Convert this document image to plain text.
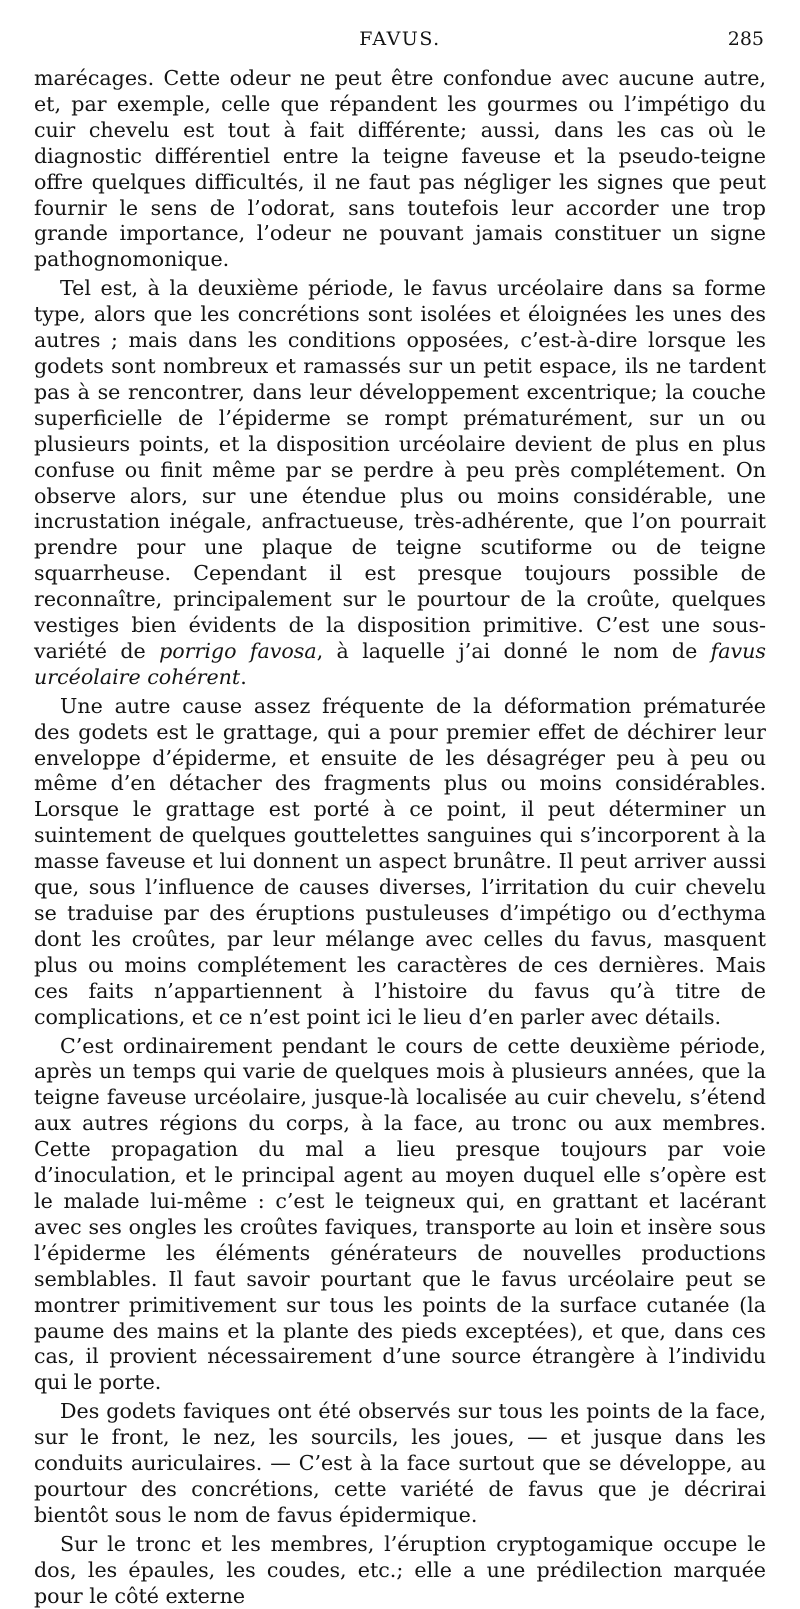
FAVUS.	285

marécages. Cette odeur ne peut être confondue avec aucune autre, et, par exemple, celle que répandent les gourmes ou l’impétigo du cuir chevelu est tout à fait différente; aussi, dans les cas où le diagnostic différentiel entre la teigne faveuse et la pseudo-teigne offre quelques difficultés, il ne faut pas négliger les signes que peut fournir le sens de l’odorat, sans toutefois leur accorder une trop grande importance, l’odeur ne pouvant jamais constituer un signe pathognomonique.

Tel est, à la deuxième période, le favus urcéolaire dans sa forme type, alors que les concrétions sont isolées et éloignées les unes des autres ; mais dans les conditions opposées, c’est-à-dire lorsque les godets sont nombreux et ramassés sur un petit espace, ils ne tardent pas à se rencontrer, dans leur développement excentrique; la couche superficielle de l’épiderme se rompt prématurément, sur un ou plusieurs points, et la disposition urcéolaire devient de plus en plus confuse ou finit même par se perdre à peu près complétement. On observe alors, sur une étendue plus ou moins considérable, une incrustation inégale, anfractueuse, très-adhérente, que l’on pourrait prendre pour une plaque de teigne scutiforme ou de teigne squarrheuse. Cependant il est presque toujours possible de reconnaître, principalement sur le pourtour de la croûte, quelques vestiges bien évidents de la disposition primitive. C’est une sous-variété de porrigo favosa, à laquelle j’ai donné le nom de favus urcéolaire cohérent.

Une autre cause assez fréquente de la déformation prématurée des godets est le grattage, qui a pour premier effet de déchirer leur enveloppe d’épiderme, et ensuite de les désagréger peu à peu ou même d’en détacher des fragments plus ou moins considérables. Lorsque le grattage est porté à ce point, il peut déterminer un suintement de quelques gouttelettes sanguines qui s’incorporent à la masse faveuse et lui donnent un aspect brunâtre. Il peut arriver aussi que, sous l’influence de causes diverses, l’irritation du cuir chevelu se traduise par des éruptions pustuleuses d’impétigo ou d’ecthyma dont les croûtes, par leur mélange avec celles du favus, masquent plus ou moins complétement les caractères de ces dernières. Mais ces faits n’appartiennent à l’histoire du favus qu’à titre de complications, et ce n’est point ici le lieu d’en parler avec détails.

C’est ordinairement pendant le cours de cette deuxième période, après un temps qui varie de quelques mois à plusieurs années, que la teigne faveuse urcéolaire, jusque-là localisée au cuir chevelu, s’étend aux autres régions du corps, à la face, au tronc ou aux membres. Cette propagation du mal a lieu presque toujours par voie d’inoculation, et le principal agent au moyen duquel elle s’opère est le malade lui-même : c’est le teigneux qui, en grattant et lacérant avec ses ongles les croûtes faviques, transporte au loin et insère sous l’épiderme les éléments générateurs de nouvelles productions semblables. Il faut savoir pourtant que le favus urcéolaire peut se montrer primitivement sur tous les points de la surface cutanée (la paume des mains et la plante des pieds exceptées), et que, dans ces cas, il provient nécessairement d’une source étrangère à l’individu qui le porte.

Des godets faviques ont été observés sur tous les points de la face, sur le front, le nez, les sourcils, les joues, — et jusque dans les conduits auriculaires. — C’est à la face surtout que se développe, au pourtour des concrétions, cette variété de favus que je décrirai bientôt sous le nom de favus épidermique.

Sur le tronc et les membres, l’éruption cryptogamique occupe le dos, les épaules, les coudes, etc.; elle a une prédilection marquée pour le côté externe
